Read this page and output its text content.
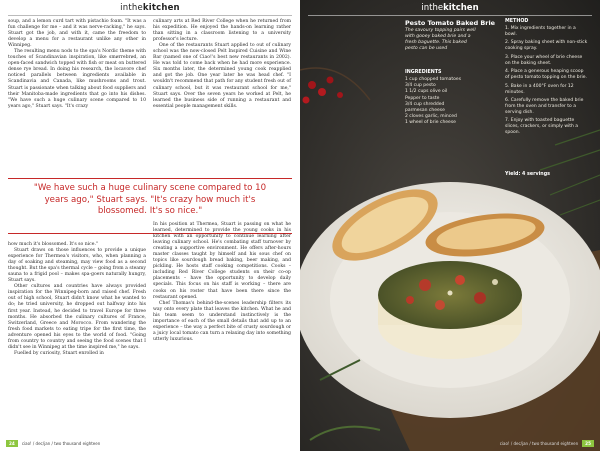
inthekitchen

soup, and a lemon curd tart with pistachio foam. "It was a fun challenge for me – and it was nerve-racking," he says. Stuart got the job, and with it, came the freedom to develop a menu for a restaurant unlike any other in Winnipeg.

The resulting menu nods to the spa's Nordic theme with touches of Scandinavian inspiration, like smørrebrød, an open-faced sandwich topped with fish or meat on buttered dense rye bread. In doing his research, the locavore chef noticed parallels between ingredients available in Scandinavia and Canada, like mushrooms and trout. Stuart is passionate when talking about food suppliers and their Manitoba-made ingredients that go into his dishes. "We have such a huge culinary scene compared to 10 years ago," Stuart says. "It's crazy

culinary arts at Red River College when he returned from his expedition. He enjoyed the hands-on learning rather than sitting in a classroom listening to a university professor's lecture.

One of the restaurants Stuart applied to out of culinary school was the now-closed Pelt Inspired Cuisine and Wine Bar (named one of Ciao!'s best new restaurants in 2002). He was told to come back when he had more experience. Six months later, the determined young cook reapplied and got the job. One year later he was head chef. "I wouldn't recommend that path for any student fresh out of culinary school, but it was restaurant school for me," Stuart says. Over the seven years he worked at Pelt, he learned the business side of running a restaurant and essential people management skills.

"We have such a huge culinary scene compared to 10 years ago," Stuart says. "It's crazy how much it's blossomed. It's so nice."

how much it's blossomed. It's so nice."

Stuart draws on those influences to provide a unique experience for Thermea's visitors, who, when planning a day of soaking and steaming, may view food as a second thought. But the spa's thermal cycle – going from a steamy sauna to a frigid pool – makes spa-goers naturally hungry, Stuart says.

Other cultures and countries have always provided inspiration for the Winnipeg-born and raised chef. Fresh out of high school, Stuart didn't know what he wanted to do; he tried university, he dropped out halfway into his first year. Instead, he decided to travel Europe for three months. He absorbed the culinary cultures of France, Switzerland, Greece and Morocco. From wandering the fresh food markets to eating tripe for the first time, the adventure opened his eyes to the world of food. "Going from country to country and seeing the food scenes that I didn't see in Winnipeg at the time inspired me," he says.

Fuelled by curiosity, Stuart enrolled in

In his position at Thermea, Stuart is passing on what he learned, determined to provide the young cooks in his kitchen with an opportunity to continue learning after leaving culinary school. He's combating staff turnover by creating a supportive environment. He offers after-hours master classes taught by himself and his sous chef on topics like sourdough bread baking, beer making, and pickling. He hosts staff cooking competitions. Cooks – including Red River College students on their co-op placements – have the opportunity to develop daily specials. This focus on his staff is working – there are cooks on his roster that have been there since the restaurant opened.

Chef Thomas's behind-the-scenes leadership filters its way onto every plate that leaves the kitchen. What he and his team seem to understand instinctively is the importance of each of the small details that add up to an experience – the way a perfect bite of crusty sourdough or a juicy local tomato can turn a relaxing day into something utterly luxurious.

24	ciao! / dec/jan / two thousand eighteen
inthekitchen
Pesto Tomato Baked Brie
The savoury topping pairs well with gooey baked brie and a fresh baguette. This baked pesto can be used
INGREDIENTS
1 cup chopped tomatoes
3/4 cup pesto
1 1/2 cups olive oil
Pepper to taste
3/4 cup shredded
parmesan cheese
2 cloves garlic, minced
1 wheel of brie cheese
METHOD
1. Mix ingredients together in a bowl.
2. Spray baking sheet with non-stick cooking spray.
3. Place your wheel of brie cheese on the baking sheet.
4. Place a generous heaping scoop of pesto tomato topping on the brie.
5. Bake in a 400°F oven for 12 minutes.
6. Carefully remove the baked brie from the oven and transfer to a serving dish.
7. Enjoy with toasted baguette slices, crackers, or simply with a spoon.
Yield: 4 servings
ciao! / dec/jan / two thousand eighteen	25
